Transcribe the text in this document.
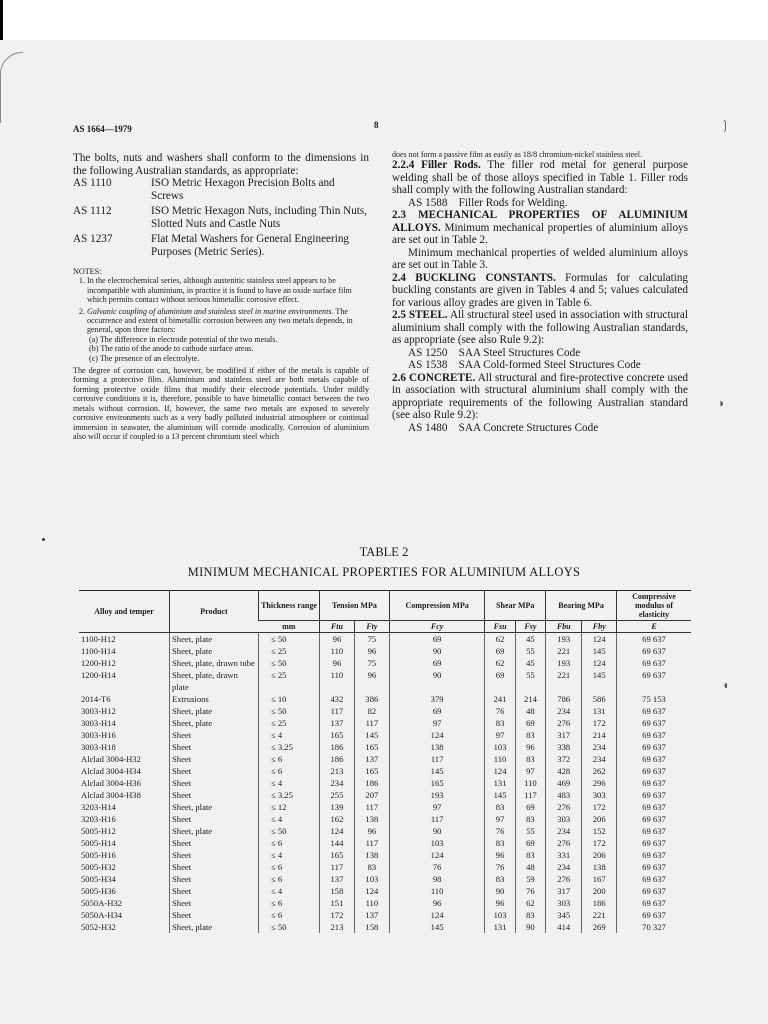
AS 1664—1979	8

The bolts, nuts and washers shall conform to the dimensions in the following Australian standards, as appropriate:

AS 1110	ISO Metric Hexagon Precision Bolts and Screws
AS 1112	ISO Metric Hexagon Nuts, including Thin Nuts, Slotted Nuts and Castle Nuts
AS 1237	Flat Metal Washers for General Engineering Purposes (Metric Series).
NOTES:
1. In the electrochemical series, although austenitic stainless steel appears to be incompatible with aluminium, in practice it is found to have an oxide surface film which permits contact without serious bimetallic corrosive effect.
2. Galvanic coupling of aluminium and stainless steel in marine environments. The occurrence and extent of bimetallic corrosion between any two metals depends, in general, upon three factors:

(a) The difference in electrode potential of the two metals.

(b) The ratio of the anode to cathode surface areas.

(c) The presence of an electrolyte.

The degree of corrosion can, however, be modified if either of the metals is capable of forming a protective film. Aluminium and stainless steel are both metals capable of forming protective oxide films that modify their electrode potentials. Under mildly corrosive conditions it is, therefore, possible to have bimetallic contact between the two metals without corrosion. If, however, the same two metals are exposed to severely corrosive environments such as a very badly polluted industrial atmosphere or continual immersion in seawater, the aluminium will corrode anodically. Corrosion of aluminium also will occur if coupled to a 13 percent chromium steel which

does not form a passive film as easily as 18/8 chromium-nickel stainless steel.

2.2.4 Filler Rods. The filler rod metal for general purpose welding shall be of those alloys specified in Table 1. Filler rods shall comply with the following Australian standard:

AS 1588 Filler Rods for Welding.

2.3 MECHANICAL PROPERTIES OF ALUMINIUM ALLOYS. Minimum mechanical properties of aluminium alloys are set out in Table 2.

Minimum mechanical properties of welded aluminium alloys are set out in Table 3.

2.4 BUCKLING CONSTANTS. Formulas for calculating buckling constants are given in Tables 4 and 5; values calculated for various alloy grades are given in Table 6.

2.5 STEEL. All structural steel used in association with structural aluminium shall comply with the following Australian standards, as appropriate (see also Rule 9.2):

AS 1250 SAA Steel Structures Code

AS 1538 SAA Cold-formed Steel Structures Code

2.6 CONCRETE. All structural and fire-protective concrete used in association with structural aluminium shall comply with the appropriate requirements of the following Australian standard (see also Rule 9.2):

AS 1480 SAA Concrete Structures Code

TABLE 2
MINIMUM MECHANICAL PROPERTIES FOR ALUMINIUM ALLOYS
Alloy and temper	Product	Thickness range	Tension MPa		Compression MPa	Shear MPa		Bearing MPa		Compressive modulus of elasticity
		mm	Ftu	Fty	Fcy	Fsu	Fsy	Fbu	Fby	E
1100-H12	Sheet, plate	≤ 50	96	75	69	62	45	193	124	69 637
1100-H14	Sheet, plate	≤ 25	110	96	90	69	55	221	145	69 637
1200-H12	Sheet, plate, drawn tube	≤ 50	96	75	69	62	45	193	124	69 637
1200-H14	Sheet, plate, drawn plate	≤ 25	110	96	90	69	55	221	145	69 637
2014-T6	Extrusions	≤ 10	432	386	379	241	214	786	586	75 153
3003-H12	Sheet, plate	≤ 50	117	82	69	76	48	234	131	69 637
3003-H14	Sheet, plate	≤ 25	137	117	97	83	69	276	172	69 637
3003-H16	Sheet	≤ 4	165	145	124	97	83	317	214	69 637
3003-H18	Sheet	≤ 3.25	186	165	138	103	96	338	234	69 637
Alclad 3004-H32	Sheet	≤ 6	186	137	117	110	83	372	234	69 637
Alclad 3004-H34	Sheet	≤ 6	213	165	145	124	97	428	262	69 637
Alclad 3004-H36	Sheet	≤ 4	234	186	165	131	110	469	296	69 637
Alclad 3004-H38	Sheet	≤ 3.25	255	207	193	145	117	483	303	69 637
3203-H14	Sheet, plate	≤ 12	139	117	97	83	69	276	172	69 637
3203-H16	Sheet	≤ 4	162	138	117	97	83	303	206	69 637
5005-H12	Sheet, plate	≤ 50	124	96	90	76	55	234	152	69 637
5005-H14	Sheet	≤ 6	144	117	103	83	69	276	172	69 637
5005-H16	Sheet	≤ 4	165	138	124	96	83	331	206	69 637
5005-H32	Sheet	≤ 6	117	83	76	76	48	234	138	69 637
5005-H34	Sheet	≤ 6	137	103	98	83	59	276	167	69 637
5005-H36	Sheet	≤ 4	158	124	110	90	76	317	200	69 637
5050A-H32	Sheet	≤ 6	151	110	96	96	62	303	186	69 637
5050A-H34	Sheet	≤ 6	172	137	124	103	83	345	221	69 637
5052-H32	Sheet, plate	≤ 50	213	158	145	131	90	414	269	70 327
❳
◗
◖
